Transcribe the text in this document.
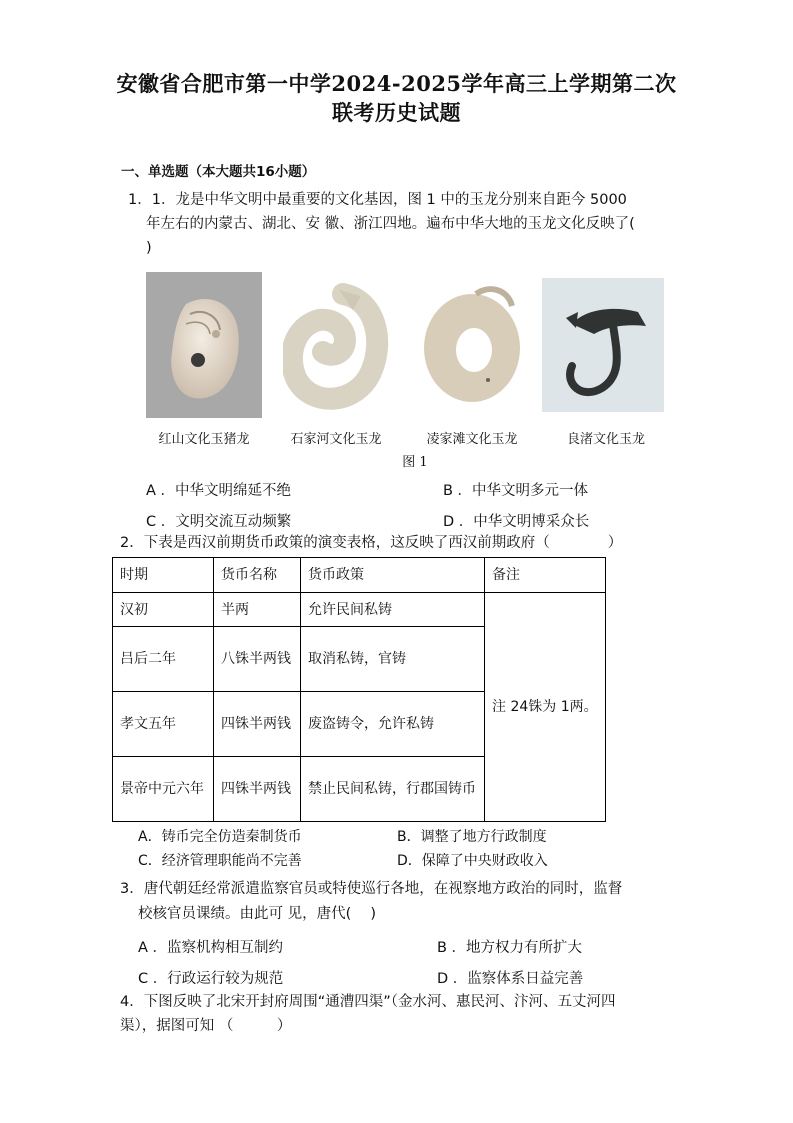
安徽省合肥市第一中学2024-2025学年高三上学期第二次
联考历史试题
一、单选题（本大题共16小题）
1．1．龙是中华文明中最重要的文化基因，图 1 中的玉龙分别来自距今 5000
年左右的内蒙古、湖北、安 徽、浙江四地。遍布中华大地的玉龙文化反映了(
)
红山文化玉猪龙	石家河文化玉龙	凌家滩文化玉龙	良渚文化玉龙
图 1
A ．中华文明绵延不绝	B ．中华文明多元一体
C ．文明交流互动频繁	D ．中华文明博采众长
2．下表是西汉前期货币政策的演变表格，这反映了西汉前期政府（　　　　）
时期	货币名称	货币政策	备注
汉初	半两	允许民间私铸	注 24铢为 1两。
吕后二年	八铢半两钱	取消私铸，官铸	
孝文五年	四铢半两钱	废盗铸令，允许私铸	
景帝中元六年	四铢半两钱	禁止民间私铸，行郡国铸币	
A．铸币完全仿造秦制货币	B．调整了地方行政制度
C．经济管理职能尚不完善	D．保障了中央财政收入
3．唐代朝廷经常派遣监察官员或特使巡行各地，在视察地方政治的同时，监督
校核官员课绩。由此可 见，唐代(　 )
A ．监察机构相互制约	B ．地方权力有所扩大
C ．行政运行较为规范	D ．监察体系日益完善
4．下图反映了北宋开封府周围“通漕四渠”（金水河、惠民河、汴河、五丈河四
渠），据图可知 （　　　）
